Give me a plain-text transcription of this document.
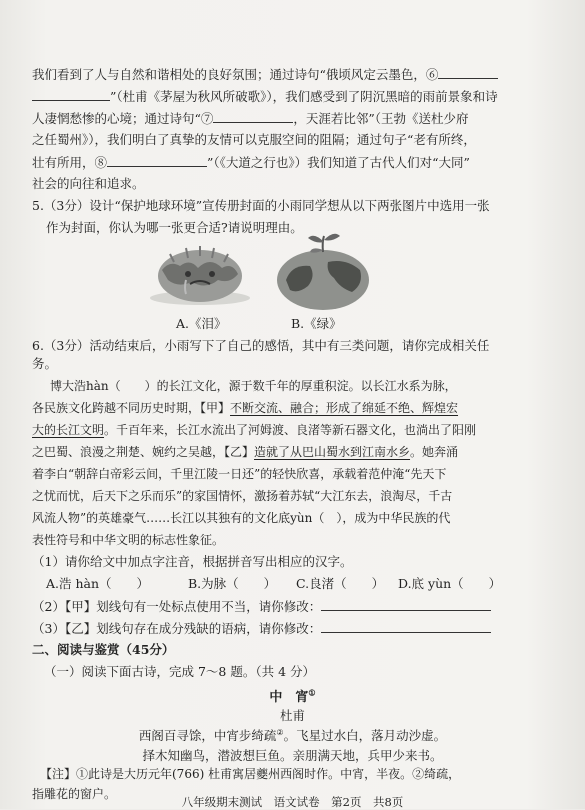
我们看到了人与自然和谐相处的良好氛围；通过诗句“俄顷风定云墨色，⑥
”（杜甫《茅屋为秋风所破歌》），我们感受到了阴沉黑暗的雨前景象和诗
人凄惘愁惨的心境；通过诗句“⑦	，天涯若比邻”（王勃《送杜少府
之任蜀州》），我们明白了真挚的友情可以克服空间的阻隔；通过句子“老有所终，
壮有所用，⑧	”（《大道之行也》）我们知道了古代人们对“大同”
社会的向往和追求。
5.（3分）设计“保护地球环境”宣传册封面的小雨同学想从以下两张图片中选用一张
作为封面，你认为哪一张更合适?请说明理由。
A.《泪》	B.《绿》
6.（3分）活动结束后，小雨写下了自己的感悟，其中有三类问题，请你完成相关任
务。
博大浩hàn（　　）的长江文化，源于数千年的厚重积淀。以长江水系为脉，
各民族文化跨越不同历史时期，【甲】不断交流、融合；形成了绵延不绝、辉煌宏
大的长江文明。千百年来，长江水流出了河姆渡、良渚等新石器文化，也淌出了阳刚
之巴蜀、浪漫之荆楚、婉约之吴越，【乙】造就了从巴山蜀水到江南水乡。她奔涌
着李白“朝辞白帝彩云间，千里江陵一日还”的轻快欣喜，承载着范仲淹“先天下
之忧而忧，后天下之乐而乐”的家国情怀，激扬着苏轼“大江东去，浪淘尽，千古
风流人物”的英雄豪气……长江以其独有的文化底yùn（　），成为中华民族的代
表性符号和中华文明的标志性象征。
（1）请你给文中加点字注音，根据拼音写出相应的汉字。
A.浩 hàn（　　）	B.为脉（　　） C.良渚（　　） D.底 yùn（　　）
（2）【甲】划线句有一处标点使用不当，请你修改：
（3）【乙】划线句存在成分残缺的语病，请你修改：
二、阅读与鉴赏（45分）
（一）阅读下面古诗，完成 7～8 题。（共 4 分）
中　宵①
杜甫
西阁百寻馀，中宵步绮疏②。飞星过水白，落月动沙虚。
择木知幽鸟，潜波想巨鱼。亲朋满天地，兵甲少来书。
【注】①此诗是大历元年(766) 杜甫寓居夔州西阁时作。中宵，半夜。②绮疏，
指雕花的窗户。
八年级期末测试　语文试卷　第2页　共8页
